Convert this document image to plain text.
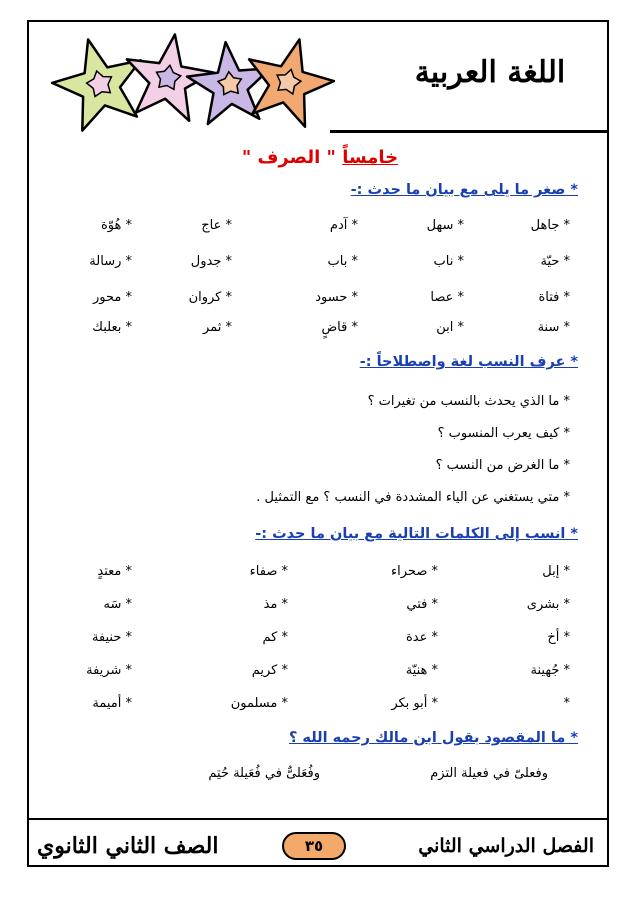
اللغة العربية
خامساً " الصرف "
* صغر ما يلى مع بيان ما حدث :-
* جاهل
* سهل
* آدم
* عاج
* هُوّة
* حيّة
* ناب
* باب
* جدول
* رسالة
* فتاة
* عصا
* حسود
* كروان
* محور
* سنة
* ابن
* قاضٍ
* ثمر
* بعلبك
* عرف النسب لغة واصطلاحاً :-
* ما الذي يحدث بالنسب من تغيرات ؟
* كيف يعرب المنسوب ؟
* ما الغرض من النسب ؟
* متي يستغني عن الياء المشددة في النسب ؟ مع التمثيل .
* انسب إلى الكلمات التالية مع بيان ما حدث :-
* إبل
* صحراء
* صفاء
* معتدٍ
* بشرى
* فتي
* مذ
* سَه
* أخ
* عدة
* كم
* حنيفة
* جُهينة
* هنيّة
* كريم
* شريفة
*
* أبو بكر
* مسلمون
* أميمة
* ما المقصود بقول ابن مالك رحمه الله ؟
وفعلىّ في فعيلة التزم
وفُعَلىٌّ في فُعَيلة حُتِم
الصف الثاني الثانوي	٣٥	الفصل الدراسي الثاني
